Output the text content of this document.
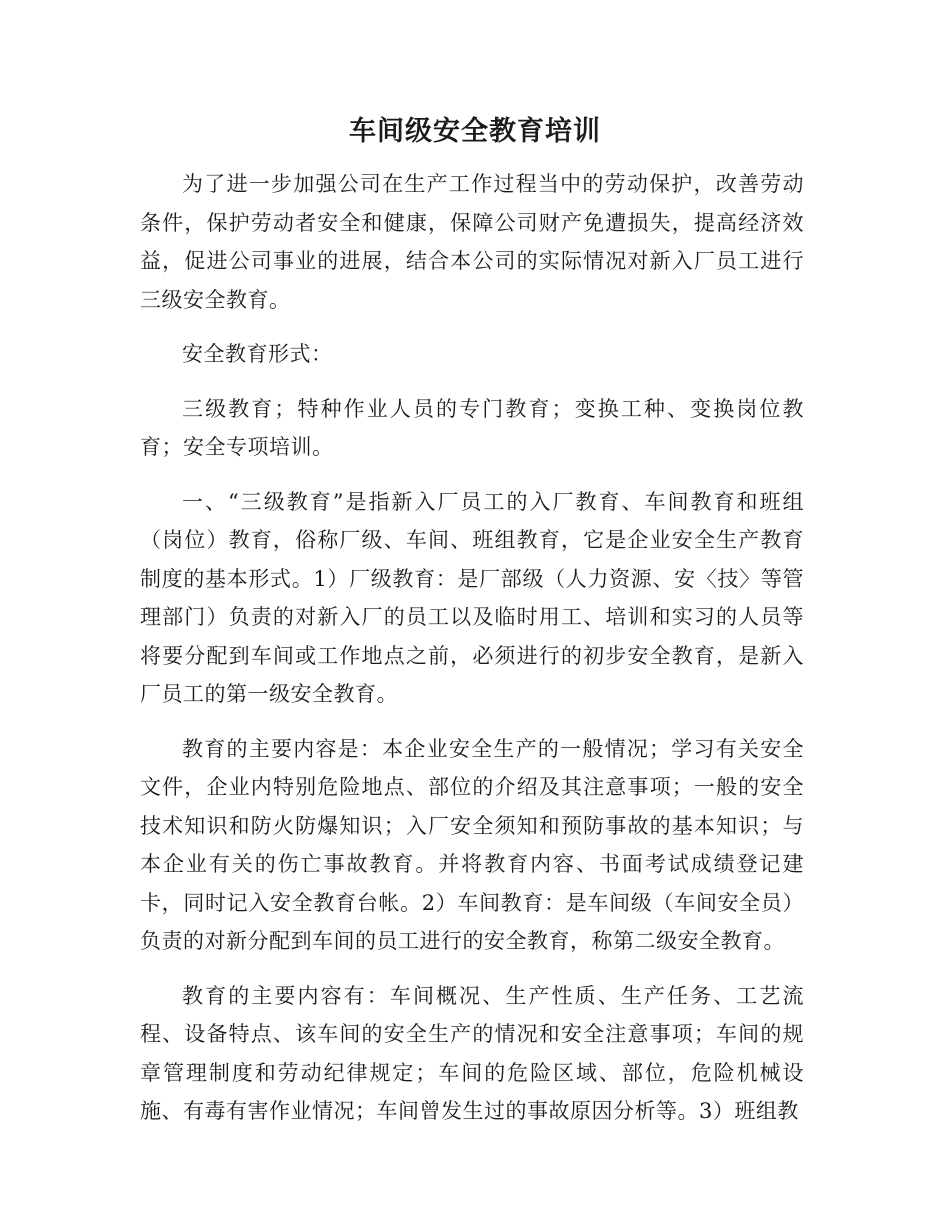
车间级安全教育培训

为了进一步加强公司在生产工作过程当中的劳动保护，改善劳动条件，保护劳动者安全和健康，保障公司财产免遭损失，提高经济效益，促进公司事业的进展，结合本公司的实际情况对新入厂员工进行三级安全教育。

安全教育形式：

三级教育；特种作业人员的专门教育；变换工种、变换岗位教育；安全专项培训。

一、“三级教育”是指新入厂员工的入厂教育、车间教育和班组（岗位）教育，俗称厂级、车间、班组教育，它是企业安全生产教育制度的基本形式。1）厂级教育：是厂部级（人力资源、安〈技〉等管理部门）负责的对新入厂的员工以及临时用工、培训和实习的人员等将要分配到车间或工作地点之前，必须进行的初步安全教育，是新入厂员工的第一级安全教育。

教育的主要内容是：本企业安全生产的一般情况；学习有关安全文件，企业内特别危险地点、部位的介绍及其注意事项；一般的安全技术知识和防火防爆知识；入厂安全须知和预防事故的基本知识；与本企业有关的伤亡事故教育。并将教育内容、书面考试成绩登记建卡，同时记入安全教育台帐。2）车间教育：是车间级（车间安全员）负责的对新分配到车间的员工进行的安全教育，称第二级安全教育。

教育的主要内容有：车间概况、生产性质、生产任务、工艺流程、设备特点、该车间的安全生产的情况和安全注意事项；车间的规章管理制度和劳动纪律规定；车间的危险区域、部位，危险机械设施、有毒有害作业情况；车间曾发生过的事故原因分析等。3）班组教
